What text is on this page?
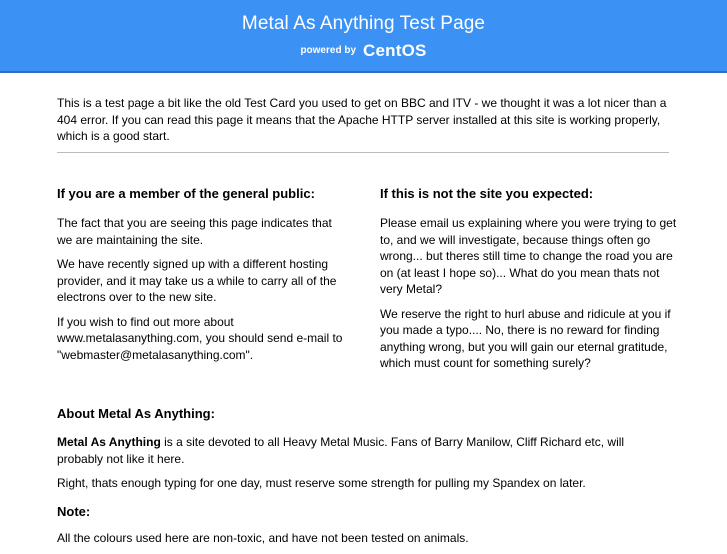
Metal As Anything Test Page
powered by CentOS

This is a test page a bit like the old Test Card you used to get on BBC and ITV - we thought it was a lot nicer than a 404 error. If you can read this page it means that the Apache HTTP server installed at this site is working properly, which is a good start.

If you are a member of the general public:

The fact that you are seeing this page indicates that we are maintaining the site.

We have recently signed up with a different hosting provider, and it may take us a while to carry all of the electrons over to the new site.

If you wish to find out more about www.metalasanything.com, you should send e-mail to "webmaster@metalasanything.com".

If this is not the site you expected:

Please email us explaining where you were trying to get to, and we will investigate, because things often go wrong... but theres still time to change the road you are on (at least I hope so)... What do you mean thats not very Metal?

We reserve the right to hurl abuse and ridicule at you if you made a typo.... No, there is no reward for finding anything wrong, but you will gain our eternal gratitude, which must count for something surely?

About Metal As Anything:

Metal As Anything is a site devoted to all Heavy Metal Music. Fans of Barry Manilow, Cliff Richard etc, will probably not like it here.

Right, thats enough typing for one day, must reserve some strength for pulling my Spandex on later.

Note:

All the colours used here are non-toxic, and have not been tested on animals.
